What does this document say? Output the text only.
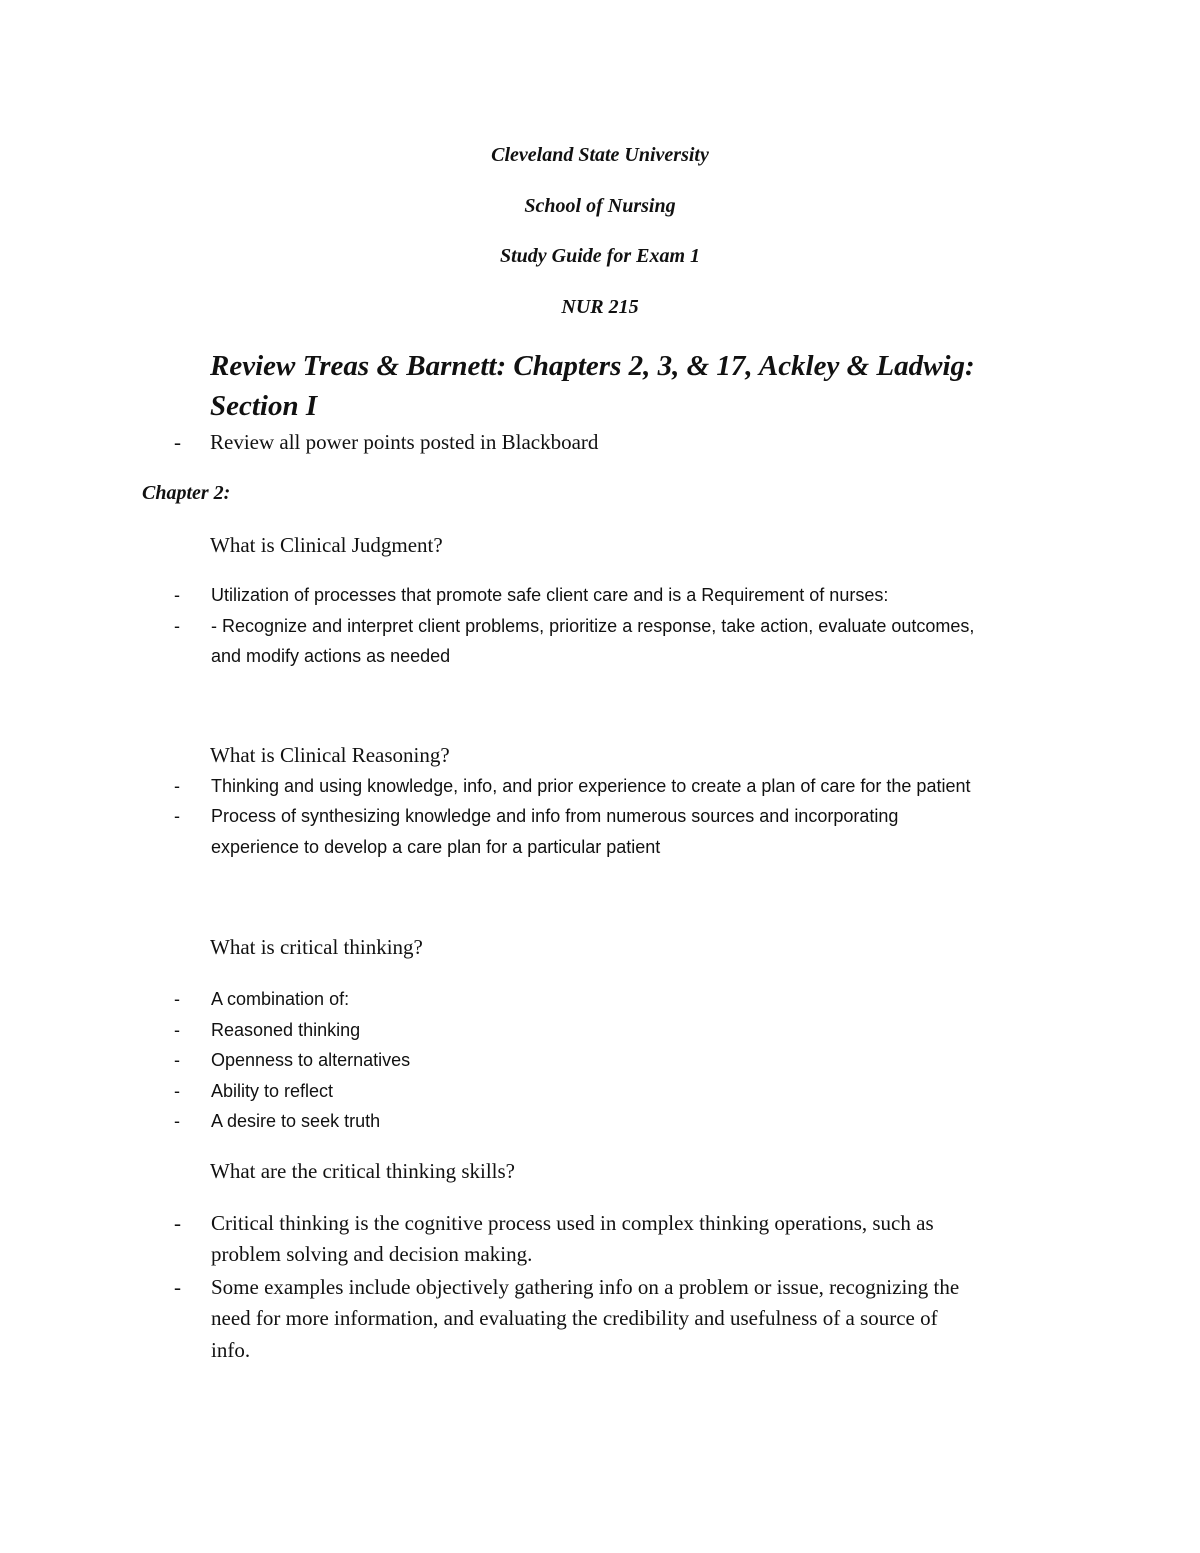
Cleveland State University
School of Nursing
Study Guide for Exam 1
NUR 215
Review Treas & Barnett: Chapters 2, 3, & 17, Ackley & Ladwig:
Section I
- Review all power points posted in Blackboard
Chapter 2:
What is Clinical Judgment?
- Utilization of processes that promote safe client care and is a Requirement of nurses:
- - Recognize and interpret client problems, prioritize a response, take action, evaluate outcomes,
and modify actions as needed
What is Clinical Reasoning?
- Thinking and using knowledge, info, and prior experience to create a plan of care for the patient
- Process of synthesizing knowledge and info from numerous sources and incorporating
experience to develop a care plan for a particular patient
What is critical thinking?
- A combination of:
- Reasoned thinking
- Openness to alternatives
- Ability to reflect
- A desire to seek truth
What are the critical thinking skills?
- Critical thinking is the cognitive process used in complex thinking operations, such as
problem solving and decision making.
- Some examples include objectively gathering info on a problem or issue, recognizing the
need for more information, and evaluating the credibility and usefulness of a source of
info.
